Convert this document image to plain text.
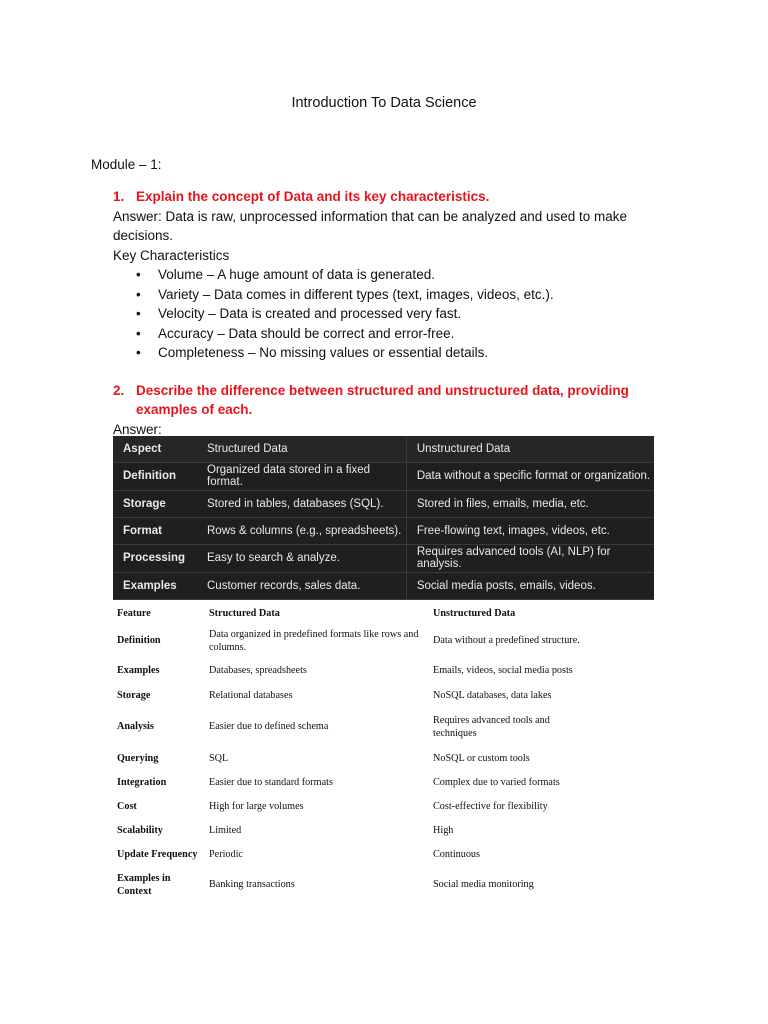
Introduction To Data Science
Module – 1:
1. Explain the concept of Data and its key characteristics.

Answer: Data is raw, unprocessed information that can be analyzed and used to make decisions.

Key Characteristics

• Volume – A huge amount of data is generated.
• Variety – Data comes in different types (text, images, videos, etc.).
• Velocity – Data is created and processed very fast.
• Accuracy – Data should be correct and error-free.
• Completeness – No missing values or essential details.
2. Describe the difference between structured and unstructured data, providing examples of each.

Answer:

Aspect	Structured Data	Unstructured Data
Definition	Organized data stored in a fixed format.	Data without a specific format or organization.
Storage	Stored in tables, databases (SQL).	Stored in files, emails, media, etc.
Format	Rows & columns (e.g., spreadsheets).	Free-flowing text, images, videos, etc.
Processing	Easy to search & analyze.	Requires advanced tools (AI, NLP) for analysis.
Examples	Customer records, sales data.	Social media posts, emails, videos.
Feature	Structured Data	Unstructured Data
Definition	Data organized in predefined formats like rows and columns.	Data without a predefined structure.
Examples	Databases, spreadsheets	Emails, videos, social media posts
Storage	Relational databases	NoSQL databases, data lakes
Analysis	Easier due to defined schema	Requires advanced tools and techniques
Querying	SQL	NoSQL or custom tools
Integration	Easier due to standard formats	Complex due to varied formats
Cost	High for large volumes	Cost-effective for flexibility
Scalability	Limited	High
Update Frequency	Periodic	Continuous
Examples in Context	Banking transactions	Social media monitoring
